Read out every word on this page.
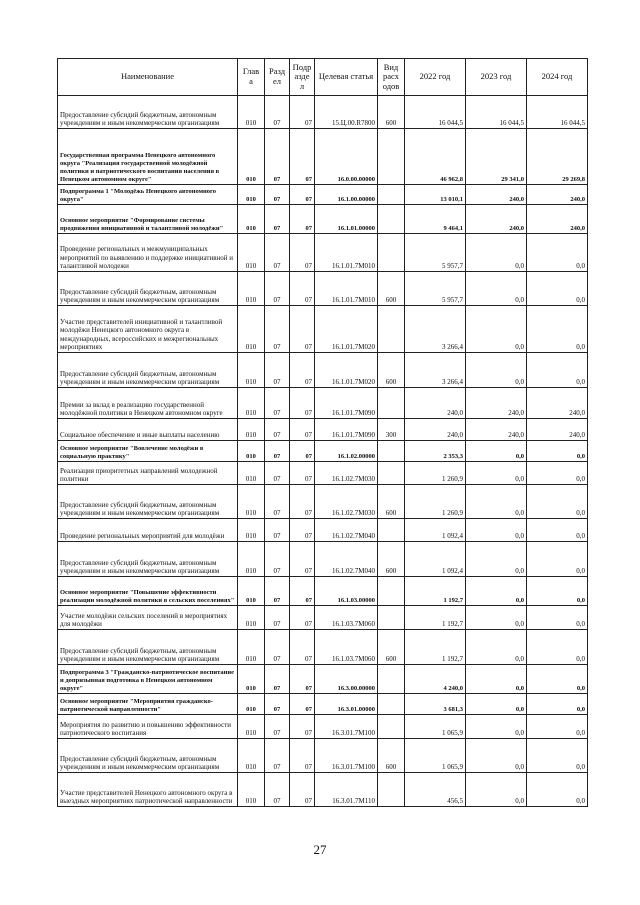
Наименование	Глав а	Разд ел	Подр азде л	Целевая статья	Вид расх одов	2022 год	2023 год	2024 год
Предоставление субсидий бюджетным, автономным учреждениям и иным некоммерческим организациям	010	07	07	15.Ц.00.R7800	600	16 044,5	16 044,5	16 044,5
Государственная программа Ненецкого автономного округа "Реализация государственной молодёжной политики и патриотического воспитания населения в Ненецком автономном округе"	010	07	07	16.0.00.00000		46 962,8	29 341,0	29 269,8
Подпрограмма 1 "Молодёжь Ненецкого автономного округа"	010	07	07	16.1.00.00000		13 010,1	240,0	240,0
Основное мероприятие "Формирование системы продвижения инициативной и талантливой молодёжи"	010	07	07	16.1.01.00000		9 464,1	240,0	240,0
Проведение региональных и межмуниципальных мероприятий по выявлению и поддержке инициативной и талантливой молодежи	010	07	07	16.1.01.7М010		5 957,7	0,0	0,0
Предоставление субсидий бюджетным, автономным учреждениям и иным некоммерческим организациям	010	07	07	16.1.01.7М010	600	5 957,7	0,0	0,0
Участие представителей инициативной и талантливой молодёжи Ненецкого автономного округа в международных, всероссийских и межрегиональных мероприятиях	010	07	07	16.1.01.7М020		3 266,4	0,0	0,0
Предоставление субсидий бюджетным, автономным учреждениям и иным некоммерческим организациям	010	07	07	16.1.01.7М020	600	3 266,4	0,0	0,0
Премии за вклад в реализацию государственной молодёжной политики в Ненецком автономном округе	010	07	07	16.1.01.7М090		240,0	240,0	240,0
Социальное обеспечение и иные выплаты населению	010	07	07	16.1.01.7М090	300	240,0	240,0	240,0
Основное мероприятие "Вовлечение молодёжи в социальную практику"	010	07	07	16.1.02.00000		2 353,3	0,0	0,0
Реализация приоритетных направлений молодежной политики	010	07	07	16.1.02.7М030		1 260,9	0,0	0,0
Предоставление субсидий бюджетным, автономным учреждениям и иным некоммерческим организациям	010	07	07	16.1.02.7М030	600	1 260,9	0,0	0,0
Проведение региональных мероприятий для молодёжи	010	07	07	16.1.02.7М040		1 092,4	0,0	0,0
Предоставление субсидий бюджетным, автономным учреждениям и иным некоммерческим организациям	010	07	07	16.1.02.7М040	600	1 092,4	0,0	0,0
Основное мероприятие "Повышение эффективности реализации молодёжной политики в сельских поселениях"	010	07	07	16.1.03.00000		1 192,7	0,0	0,0
Участие молодёжи сельских поселений в мероприятиях для молодёжи	010	07	07	16.1.03.7М060		1 192,7	0,0	0,0
Предоставление субсидий бюджетным, автономным учреждениям и иным некоммерческим организациям	010	07	07	16.1.03.7М060	600	1 192,7	0,0	0,0
Подпрограмма 3 "Гражданско-патриотическое воспитание и допризывная подготовка в Ненецком автономном округе"	010	07	07	16.3.00.00000		4 240,0	0,0	0,0
Основное мероприятие "Мероприятия гражданско-патриотической направленности"	010	07	07	16.3.01.00000		3 681,3	0,0	0,0
Мероприятия по развитию и повышению эффективности патриотического воспитания	010	07	07	16.3.01.7М100		1 065,9	0,0	0,0
Предоставление субсидий бюджетным, автономным учреждениям и иным некоммерческим организациям	010	07	07	16.3.01.7М100	600	1 065,9	0,0	0,0
Участие представителей Ненецкого автономного округа в выездных мероприятиях патриотической направленности	010	07	07	16.3.01.7М110		456,5	0,0	0,0
27
